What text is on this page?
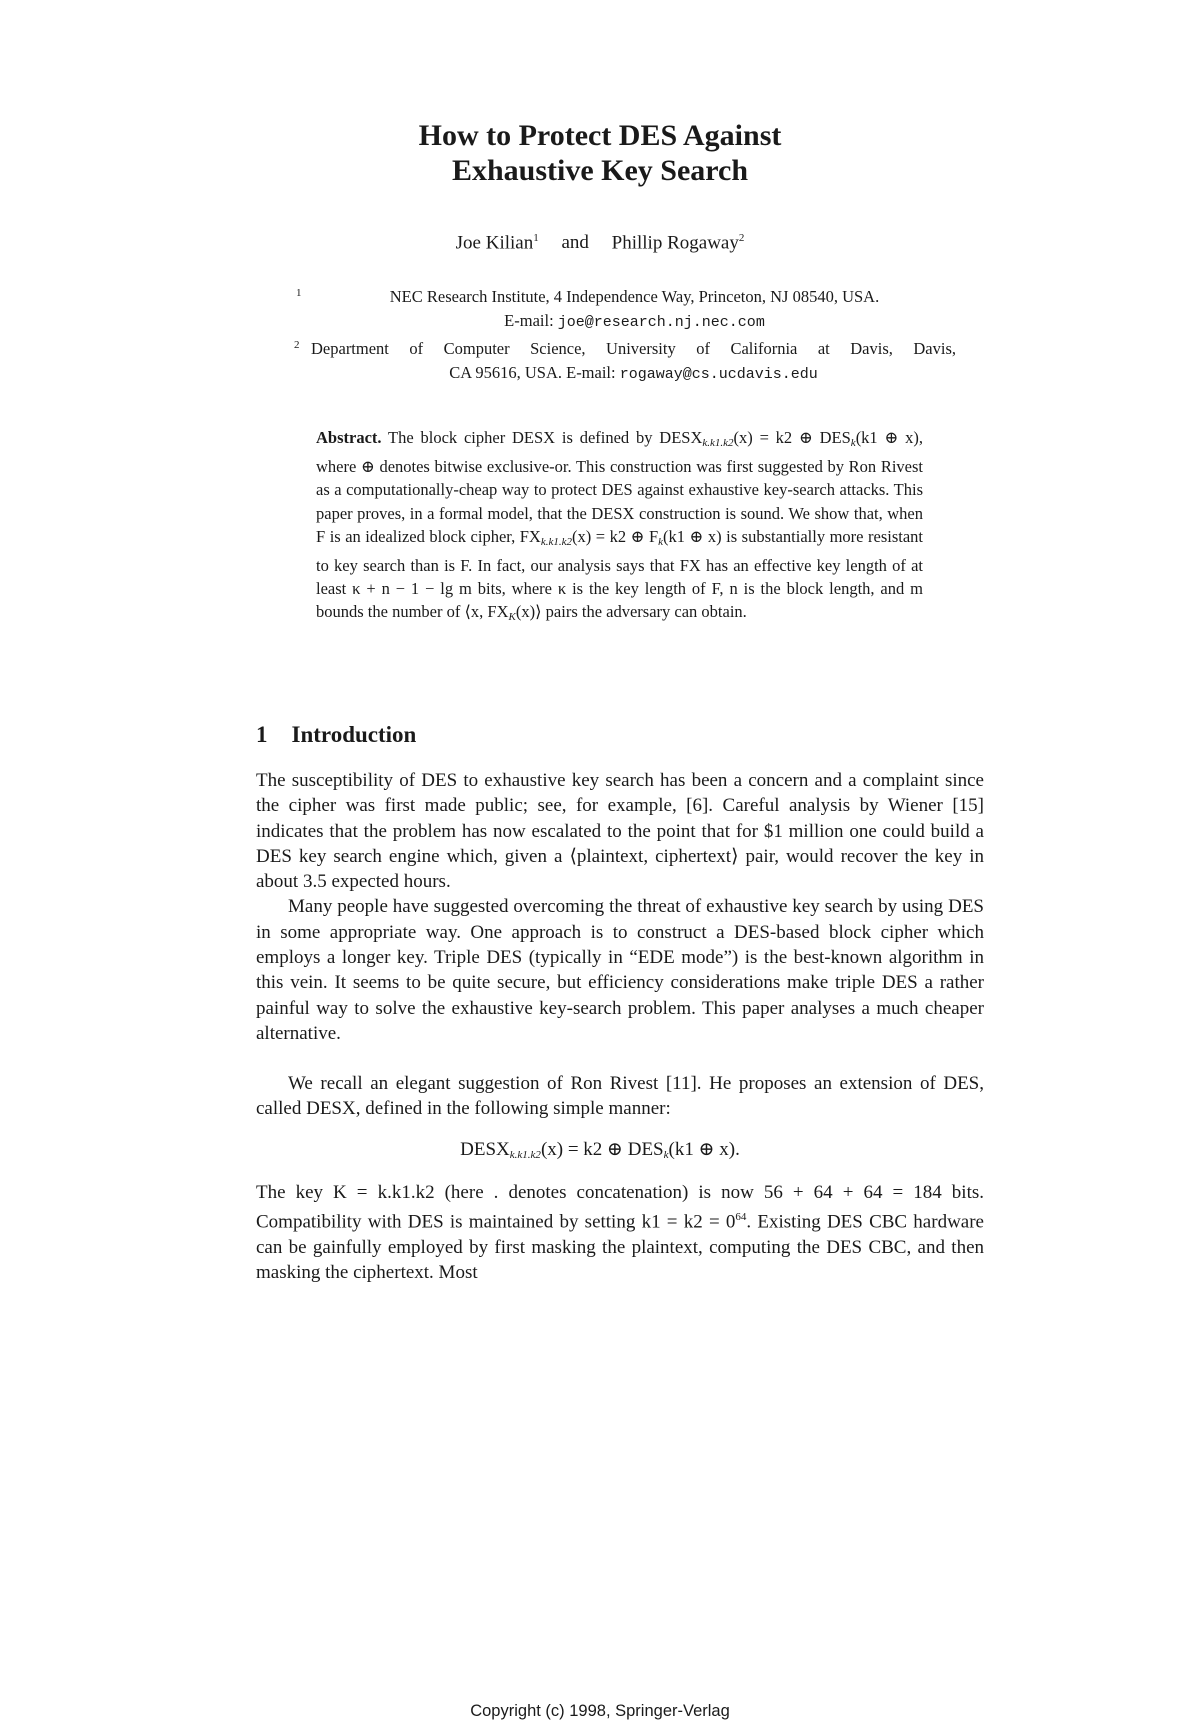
How to Protect DES Against
Exhaustive Key Search
Joe Kilian$^1$ and Phillip Rogaway$^2$
1	NEC Research Institute, 4 Independence Way, Princeton, NJ 08540, USA.
E-mail: joe@research.nj.nec.com
2 Department of Computer Science, University of California at Davis, Davis,
CA 95616, USA. E-mail: rogaway@cs.ucdavis.edu
Abstract. The block cipher DESX is defined by $DESX_{k.k1.k2}(x) = k2$ ⊕ $DES_k(k1$ ⊕ x), where ⊕ denotes bitwise exclusive-or. This construction was first suggested by Ron Rivest as a computationally-cheap way to protect DES against exhaustive key-search attacks. This paper proves, in a formal model, that the DESX construction is sound. We show that, when F is an idealized block cipher, $FX_{k.k1.k2}(x) = k2$ ⊕ $F_k(k1$ ⊕ x) is substantially more resistant to key search than is F. In fact, our analysis says that FX has an effective key length of at least κ + n − 1 − lg m bits, where κ is the key length of F, n is the block length, and m bounds the number of ⟨x, $FX_K(x)⟩$ pairs the adversary can obtain.
1 Introduction

The susceptibility of DES to exhaustive key search has been a concern and a complaint since the cipher was first made public; see, for example, [6]. Careful analysis by Wiener [15] indicates that the problem has now escalated to the point that for $1 million one could build a DES key search engine which, given a ⟨plaintext, ciphertext⟩ pair, would recover the key in about 3.5 expected hours.

Many people have suggested overcoming the threat of exhaustive key search by using DES in some appropriate way. One approach is to construct a DES-based block cipher which employs a longer key. Triple DES (typically in “EDE mode”) is the best-known algorithm in this vein. It seems to be quite secure, but efficiency considerations make triple DES a rather painful way to solve the exhaustive key-search problem. This paper analyses a much cheaper alternative.

We recall an elegant suggestion of Ron Rivest [11]. He proposes an extension of DES, called DESX, defined in the following simple manner:

$DESX_{k.k1.k2}(x) = k2$ ⊕ $DES_k(k1$ ⊕ x).

The key K = k.k1.k2 (here . denotes concatenation) is now 56 + 64 + 64 = 184 bits. Compatibility with DES is maintained by setting $k1 = k2 = 0^{64}$. Existing DES CBC hardware can be gainfully employed by first masking the plaintext, computing the DES CBC, and then masking the ciphertext. Most

Copyright (c) 1998, Springer-Verlag
